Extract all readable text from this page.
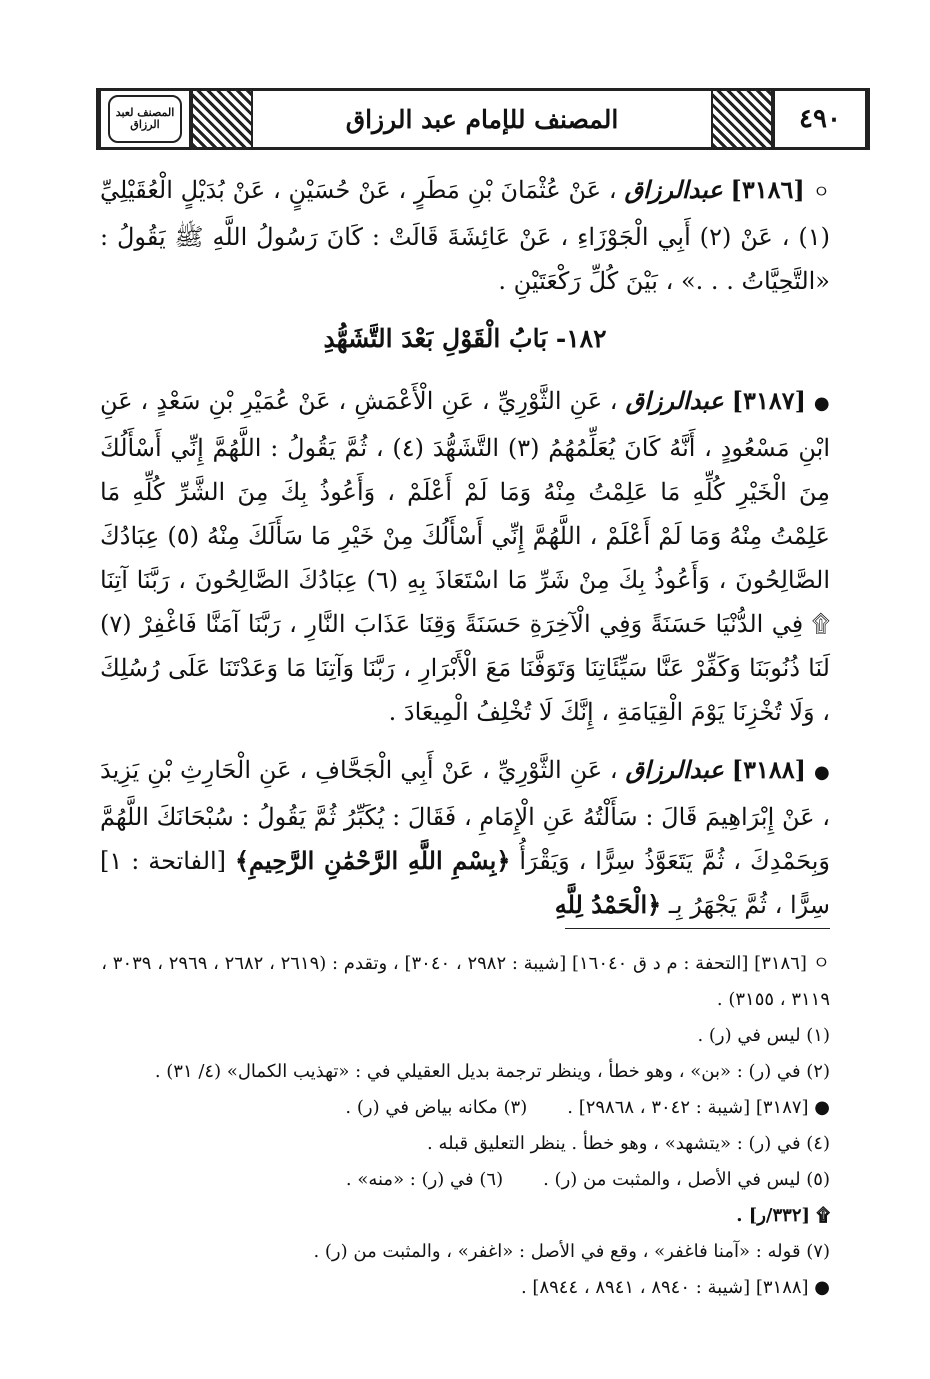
المصنف لعبد الرزاق	المصنف للإمام عبد الرزاق	٤٩٠

ㅇ [٣١٨٦] عبدالرزاق ، عَنْ عُثْمَانَ بْنِ مَطَرٍ ، عَنْ حُسَيْنٍ ، عَنْ بُدَيْلٍ الْعُقَيْلِيِّ (١) ، عَنْ (٢) أَبِي الْجَوْزَاءِ ، عَنْ عَائِشَةَ قَالَتْ : كَانَ رَسُولُ اللَّهِ ﷺ يَقُولُ : «التَّحِيَّاتُ . . .» ، بَيْنَ كُلِّ رَكْعَتَيْنِ .

١٨٢- بَابُ الْقَوْلِ بَعْدَ التَّشَهُّدِ

● [٣١٨٧] عبدالرزاق ، عَنِ الثَّوْرِيِّ ، عَنِ الْأَعْمَشِ ، عَنْ عُمَيْرِ بْنِ سَعْدٍ ، عَنِ ابْنِ مَسْعُودٍ ، أَنَّهُ كَانَ يُعَلِّمُهُمُ (٣) التَّشَهُّدَ (٤) ، ثُمَّ يَقُولُ : اللَّهُمَّ إِنِّي أَسْأَلُكَ مِنَ الْخَيْرِ كُلِّهِ مَا عَلِمْتُ مِنْهُ وَمَا لَمْ أَعْلَمْ ، وَأَعُوذُ بِكَ مِنَ الشَّرِّ كُلِّهِ مَا عَلِمْتُ مِنْهُ وَمَا لَمْ أَعْلَمْ ، اللَّهُمَّ إِنِّي أَسْأَلُكَ مِنْ خَيْرِ مَا سَأَلَكَ مِنْهُ (٥) عِبَادُكَ الصَّالِحُونَ ، وَأَعُوذُ بِكَ مِنْ شَرِّ مَا اسْتَعَاذَ بِهِ (٦) عِبَادُكَ الصَّالِحُونَ ، رَبَّنَا آتِنَا ۩ فِي الدُّنْيَا حَسَنَةً وَفِي الْآخِرَةِ حَسَنَةً وَقِنَا عَذَابَ النَّارِ ، رَبَّنَا آمَنَّا فَاغْفِرْ (٧) لَنَا ذُنُوبَنَا وَكَفِّرْ عَنَّا سَيِّئَاتِنَا وَتَوَفَّنَا مَعَ الْأَبْرَارِ ، رَبَّنَا وَآتِنَا مَا وَعَدْتَنَا عَلَى رُسُلِكَ ، وَلَا تُخْزِنَا يَوْمَ الْقِيَامَةِ ، إِنَّكَ لَا تُخْلِفُ الْمِيعَادَ .

● [٣١٨٨] عبدالرزاق ، عَنِ الثَّوْرِيِّ ، عَنْ أَبِي الْجَحَّافِ ، عَنِ الْحَارِثِ بْنِ يَزِيدَ ، عَنْ إِبْرَاهِيمَ قَالَ : سَأَلْتُهُ عَنِ الْإِمَامِ ، فَقَالَ : يُكَبِّرُ ثُمَّ يَقُولُ : سُبْحَانَكَ اللَّهُمَّ وَبِحَمْدِكَ ، ثُمَّ يَتَعَوَّذُ سِرًّا ، وَيَقْرَأُ ﴿بِسْمِ اللَّهِ الرَّحْمَٰنِ الرَّحِيمِ﴾ [الفاتحة : ١] سِرًّا ، ثُمَّ يَجْهَرُ بِـ ﴿الْحَمْدُ لِلَّهِ

ㅇ [٣١٨٦] [التحفة : م د ق ١٦٠٤٠] [شيبة : ٢٩٨٢ ، ٣٠٤٠] ، وتقدم : (٢٦١٩ ، ٢٦٨٢ ، ٢٩٦٩ ، ٣٠٣٩ ، ٣١١٩ ، ٣١٥٥) .

(١) ليس في (ر) .

(٢) في (ر) : «بن» ، وهو خطأ ، وينظر ترجمة بديل العقيلي في : «تهذيب الكمال» (٤/ ٣١) .

● [٣١٨٧] [شيبة : ٣٠٤٢ ، ٢٩٨٦٨] .

(٣) مكانه بياض في (ر) .

(٤) في (ر) : «يتشهد» ، وهو خطأ . ينظر التعليق قبله .

(٥) ليس في الأصل ، والمثبت من (ر) .

(٦) في (ر) : «منه» .

۩ [٣٣٢/ر] .

(٧) قوله : «آمنا فاغفر» ، وقع في الأصل : «اغفر» ، والمثبت من (ر) .

● [٣١٨٨] [شيبة : ٨٩٤٠ ، ٨٩٤١ ، ٨٩٤٤] .
